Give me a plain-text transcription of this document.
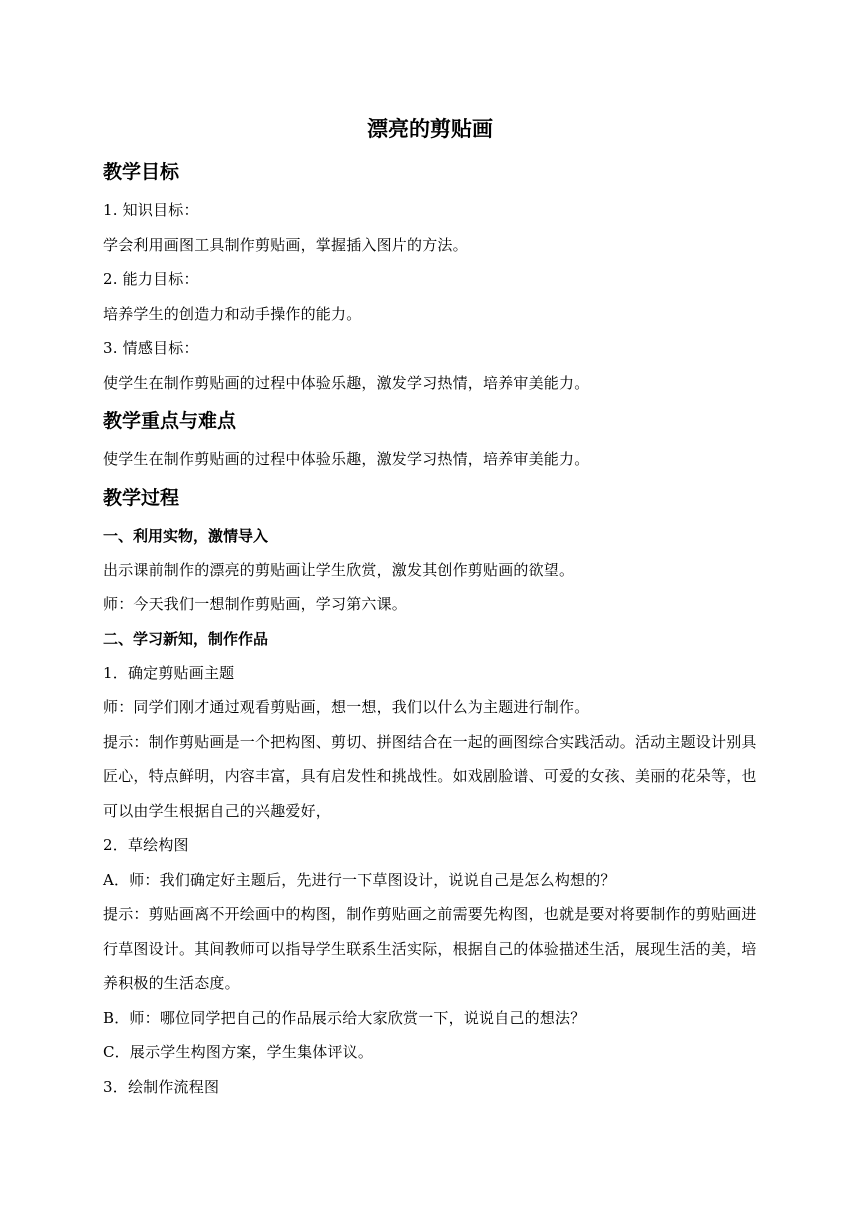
漂亮的剪贴画
教学目标
1. 知识目标：
学会利用画图工具制作剪贴画，掌握插入图片的方法。
2. 能力目标：
培养学生的创造力和动手操作的能力。
3. 情感目标：
使学生在制作剪贴画的过程中体验乐趣，激发学习热情，培养审美能力。
教学重点与难点
使学生在制作剪贴画的过程中体验乐趣，激发学习热情，培养审美能力。
教学过程
一、利用实物，激情导入
出示课前制作的漂亮的剪贴画让学生欣赏，激发其创作剪贴画的欲望。
师：今天我们一想制作剪贴画，学习第六课。
二、学习新知，制作作品
1．确定剪贴画主题
师：同学们刚才通过观看剪贴画，想一想，我们以什么为主题进行制作。
提示：制作剪贴画是一个把构图、剪切、拼图结合在一起的画图综合实践活动。活动主题设计别具匠心，特点鲜明，内容丰富，具有启发性和挑战性。如戏剧脸谱、可爱的女孩、美丽的花朵等，也可以由学生根据自己的兴趣爱好，
2．草绘构图
A．师：我们确定好主题后，先进行一下草图设计，说说自己是怎么构想的？
提示：剪贴画离不开绘画中的构图，制作剪贴画之前需要先构图，也就是要对将要制作的剪贴画进行草图设计。其间教师可以指导学生联系生活实际，根据自己的体验描述生活，展现生活的美，培养积极的生活态度。
B．师：哪位同学把自己的作品展示给大家欣赏一下，说说自己的想法？
C．展示学生构图方案，学生集体评议。
3．绘制作流程图
